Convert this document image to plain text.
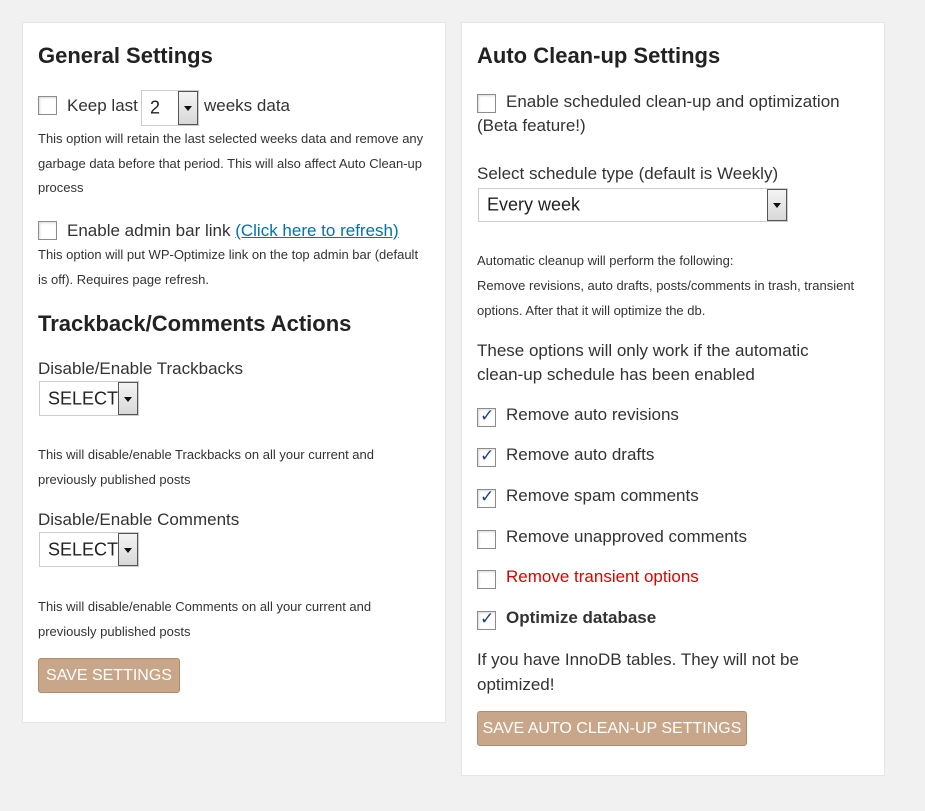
General Settings
Keep last 2	weeks data
This option will retain the last selected weeks data and remove any garbage data before that period. This will also affect Auto Clean-up process
Enable admin bar link (Click here to refresh)
This option will put WP-Optimize link on the top admin bar (default is off). Requires page refresh.
Trackback/Comments Actions
Disable/Enable Trackbacks
SELECT
This will disable/enable Trackbacks on all your current and previously published posts
Disable/Enable Comments
SELECT
This will disable/enable Comments on all your current and previously published posts
SAVE SETTINGS
Auto Clean-up Settings
Enable scheduled clean-up and optimization (Beta feature!)
Select schedule type (default is Weekly)
Every week
Automatic cleanup will perform the following:
Remove revisions, auto drafts, posts/comments in trash, transient options. After that it will optimize the db.
These options will only work if the automatic clean-up schedule has been enabled
✓
Remove auto revisions
✓
Remove auto drafts
✓
Remove spam comments
Remove unapproved comments
Remove transient options
✓
Optimize database
If you have InnoDB tables. They will not be optimized!
SAVE AUTO CLEAN-UP SETTINGS
